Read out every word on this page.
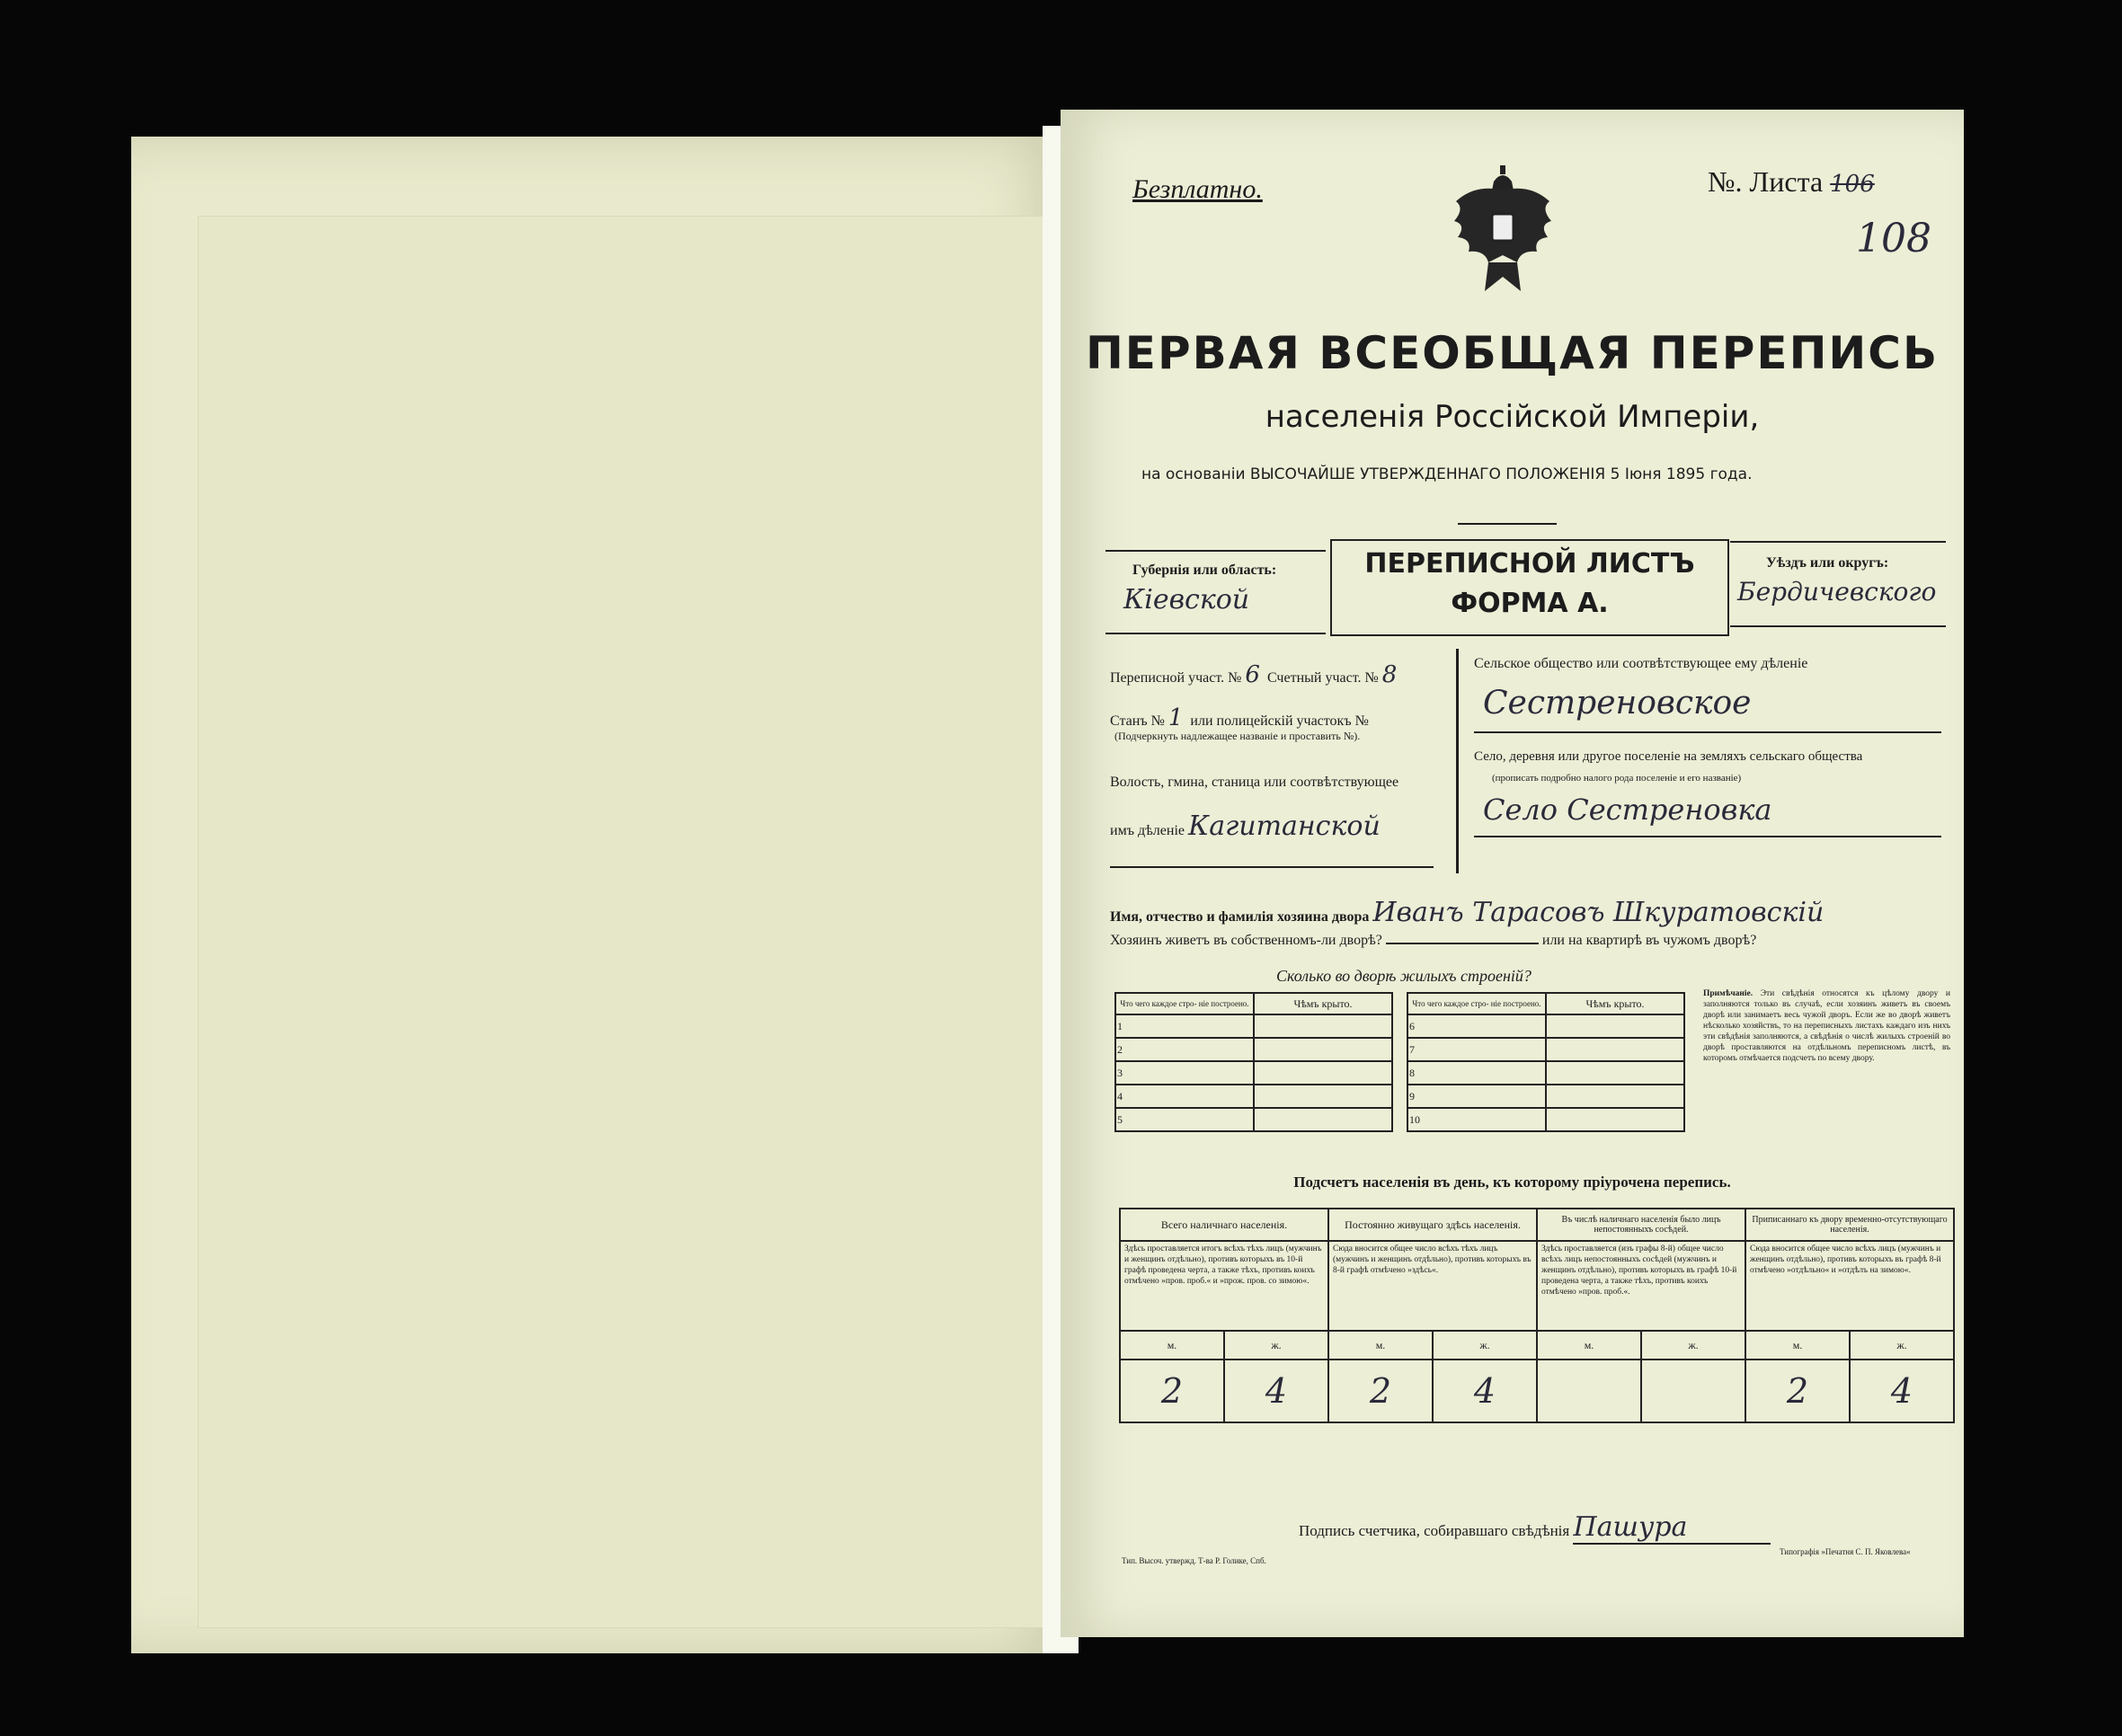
Безплатно.	№. Листа 106
108
ПЕРВАЯ ВСЕОБЩАЯ ПЕРЕПИСЬ
населенія Россійской Имперіи,
на основаніи ВЫСОЧАЙШЕ УТВЕРЖДЕННАГО ПОЛОЖЕНІЯ 5 Іюня 1895 года.
Губернія или область:
Кіевской
ПЕРЕПИСНОЙ ЛИСТЪ
ФОРМА А.
Уѣздъ или округъ:
Бердичевского
Переписной участ. № 6 Счетный участ. № 8
Станъ № 1 или полицейскій участокъ №
(Подчеркнуть надлежащее названіе и проставить №).
Волость, гмина, станица или соотвѣтствующее
имъ дѣленіе Кагитанской
Сельское общество или соотвѣтствующее ему дѣленіе
Сестреновское
Село, деревня или другое поселеніе на земляхъ сельскаго общества
(прописать подробно налого рода поселеніе и его названіе)
Село Сестреновка
Имя, отчество и фамилія хозяина двора Иванъ Тарасовъ Шкуратовскій
Хозяинъ живетъ въ собственномъ-ли дворѣ?	или на квартирѣ въ чужомъ дворѣ?
Сколько во дворѣ жилыхъ строеній?
Что чего каждое стро- ніе построено.	Чѣмъ крыто.
1	
2	
3	
4	
5	
Что чего каждое стро- ніе построено.	Чѣмъ крыто.
6	
7	
8	
9	
10	
Примѣчаніе. Эти свѣдѣнія относятся къ цѣлому двору и заполняются только въ случаѣ, если хозяинъ живетъ въ своемъ дворѣ или занимаетъ весь чужой дворъ. Если же во дворѣ живетъ нѣсколько хозяйствъ, то на переписныхъ листахъ каждаго изъ нихъ эти свѣдѣнія заполняются, а свѣдѣнія о числѣ жилыхъ строеній во дворѣ проставляются на отдѣльномъ переписномъ листѣ, въ которомъ отмѣчается подсчетъ по всему двору.
Подсчетъ населенія въ день, къ которому пріурочена перепись.
Всего наличнаго населенія.		Постоянно живущаго здѣсь населенія.		Въ числѣ наличнаго населенія было лицъ непостоянныхъ сосѣдей.		Приписаннаго къ двору временно-отсутствующаго населенія.	
Здѣсь проставляется итогъ всѣхъ тѣхъ лицъ (мужчинъ и женщинъ отдѣльно), противъ которыхъ въ 10-й графѣ проведена черта, а также тѣхъ, противъ коихъ отмѣчено »пров. проб.« и »прож. пров. со зимою«.		Сюда вносится общее число всѣхъ тѣхъ лицъ (мужчинъ и женщинъ отдѣльно), противъ которыхъ въ 8-й графѣ отмѣчено »здѣсь«.		Здѣсь проставляется (изъ графы 8-й) общее число всѣхъ лицъ непостоянныхъ сосѣдей (мужчинъ и женщинъ отдѣльно), противъ которыхъ въ графѣ 10-й проведена черта, а также тѣхъ, противъ коихъ отмѣчено »пров. проб.«.		Сюда вносится общее число всѣхъ лицъ (мужчинъ и женщинъ отдѣльно), противъ которыхъ въ графѣ 8-й отмѣчено »отдѣльно« и »отдѣлъ на зимою«.	
м.	ж.	м.	ж.	м.	ж.	м.	ж.
2	4	2	4			2	4
Подпись счетчика, собиравшаго свѣдѣнія Пашура
Тип. Высоч. утвержд. Т-ва Р. Голике, Спб.
Типографія »Печатня С. П. Яковлева«
